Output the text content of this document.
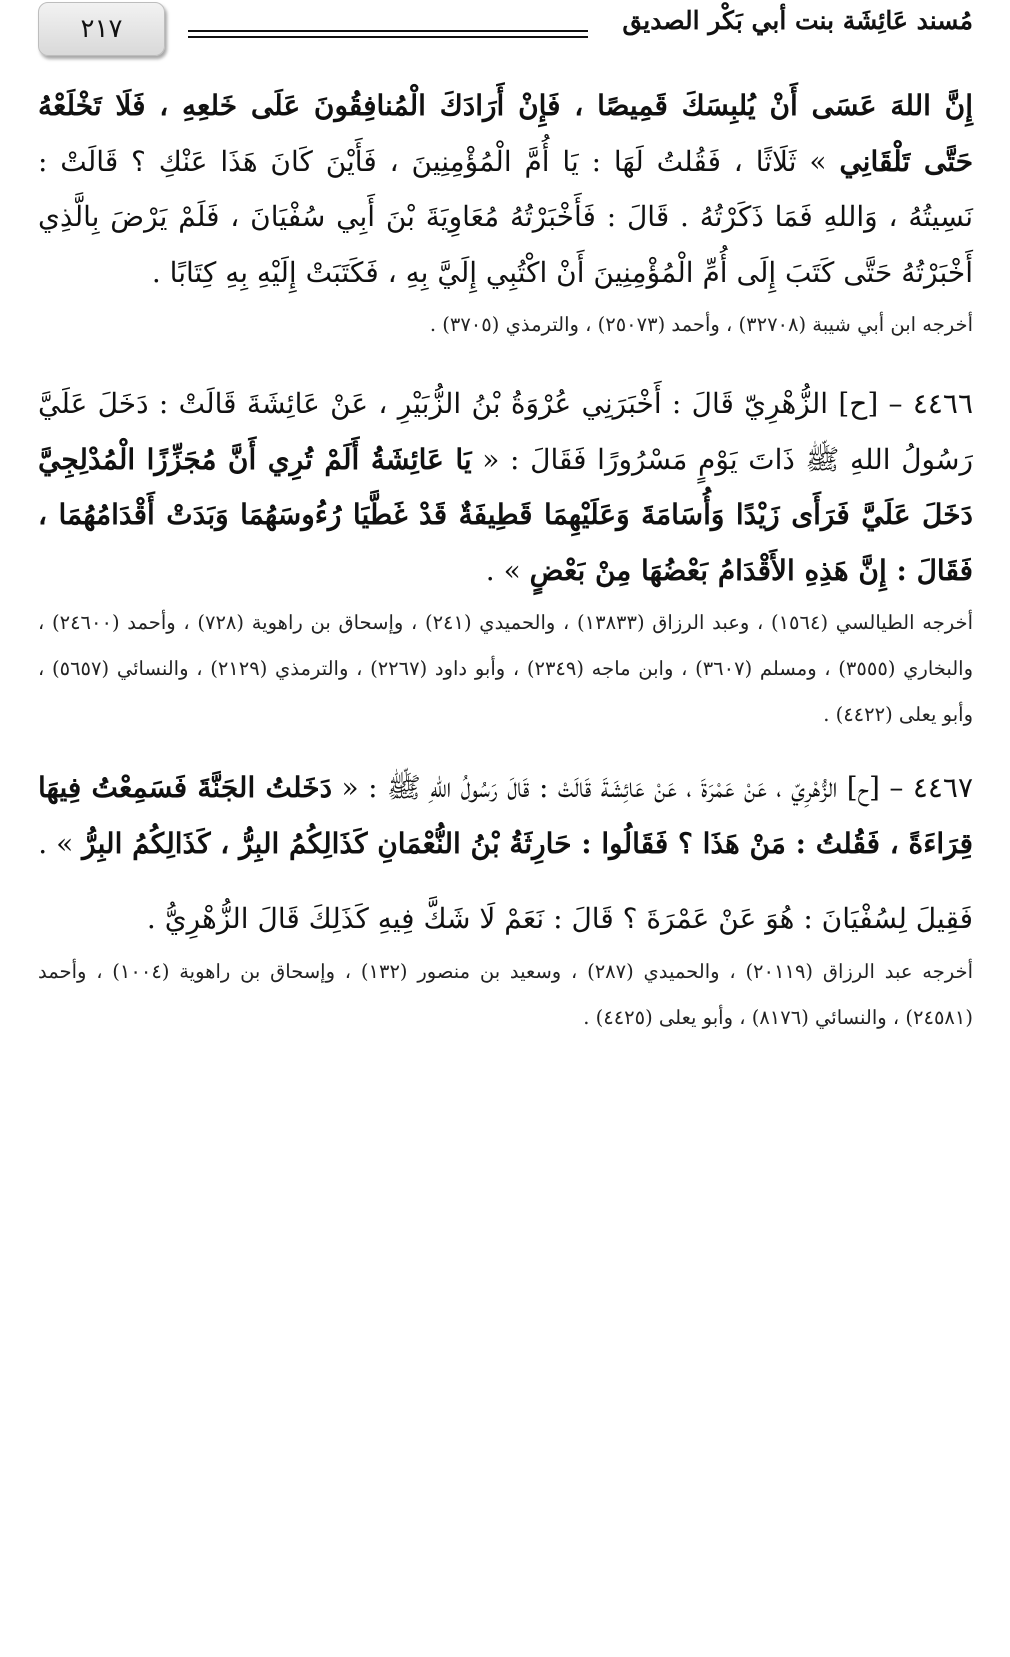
٢١٧	مُسند عَائِشَة بنت أبي بَكْر الصديق

إِنَّ اللهَ عَسَى أَنْ يُلبِسَكَ قَمِيصًا ، فَإِنْ أَرَادَكَ الْمُنافِقُونَ عَلَى خَلعِهِ ، فَلَا تَخْلَعْهُ حَتَّى تَلْقَانِي » ثَلَاثًا ، فَقُلتُ لَهَا : يَا أُمَّ الْمُؤْمِنِينَ ، فَأَيْنَ كَانَ هَذَا عَنْكِ ؟ قَالَتْ : نَسِيتُهُ ، وَاللهِ فَمَا ذَكَرْتُهُ . قَالَ : فَأَخْبَرْتُهُ مُعَاوِيَةَ بْنَ أَبِي سُفْيَانَ ، فَلَمْ يَرْضَ بِالَّذِي أَخْبَرْتُهُ حَتَّى كَتَبَ إِلَى أُمِّ الْمُؤْمِنِينَ أَنْ اكْتُبِي إِلَيَّ بِهِ ، فَكَتَبَتْ إِلَيْهِ بِهِ كِتَابًا .

أخرجه ابن أبي شيبة (٣٢٧٠٨) ، وأحمد (٢٥٠٧٣) ، والترمذي (٣٧٠٥) .

٤٤٦٦ – [ح] الزُّهْرِيّ قَالَ : أَخْبَرَنِي عُرْوَةُ بْنُ الزُّبَيْرِ ، عَنْ عَائِشَةَ قَالَتْ : دَخَلَ عَلَيَّ رَسُولُ اللهِ ﷺ ذَاتَ يَوْمٍ مَسْرُورًا فَقَالَ : « يَا عَائِشَةُ أَلَمْ تُرِي أَنَّ مُجَزِّزًا الْمُدْلِجِيَّ دَخَلَ عَلَيَّ فَرَأَى زَيْدًا وَأُسَامَةَ وَعَلَيْهِمَا قَطِيفَةٌ قَدْ غَطَّيَا رُءُوسَهُمَا وَبَدَتْ أَقْدَامُهُمَا ، فَقَالَ : إِنَّ هَذِهِ الأَقْدَامُ بَعْضُهَا مِنْ بَعْضٍ » .

أخرجه الطيالسي (١٥٦٤) ، وعبد الرزاق (١٣٨٣٣) ، والحميدي (٢٤١) ، وإسحاق بن راهوية (٧٢٨) ، وأحمد (٢٤٦٠٠) ، والبخاري (٣٥٥٥) ، ومسلم (٣٦٠٧) ، وابن ماجه (٢٣٤٩) ، وأبو داود (٢٢٦٧) ، والترمذي (٢١٢٩) ، والنسائي (٥٦٥٧) ، وأبو يعلى (٤٤٢٢) .

٤٤٦٧ – [ح] الزُّهْرِيّ ، عَنْ عَمْرَةَ ، عَنْ عَائِشَةَ قَالَتْ : قَالَ رَسُولُ اللهِ ﷺ : « دَخَلتُ الجَنَّةَ فَسَمِعْتُ فِيهَا قِرَاءَةً ، فَقُلتُ : مَنْ هَذَا ؟ فَقَالُوا : حَارِثَةُ بْنُ النُّعْمَانِ كَذَالِكُمُ البِرُّ ، كَذَالِكُمُ البِرُّ » .

فَقِيلَ لِسُفْيَانَ : هُوَ عَنْ عَمْرَةَ ؟ قَالَ : نَعَمْ لَا شَكَّ فِيهِ كَذَلِكَ قَالَ الزُّهْرِيُّ .

أخرجه عبد الرزاق (٢٠١١٩) ، والحميدي (٢٨٧) ، وسعيد بن منصور (١٣٢) ، وإسحاق بن راهوية (١٠٠٤) ، وأحمد (٢٤٥٨١) ، والنسائي (٨١٧٦) ، وأبو يعلى (٤٤٢٥) .
